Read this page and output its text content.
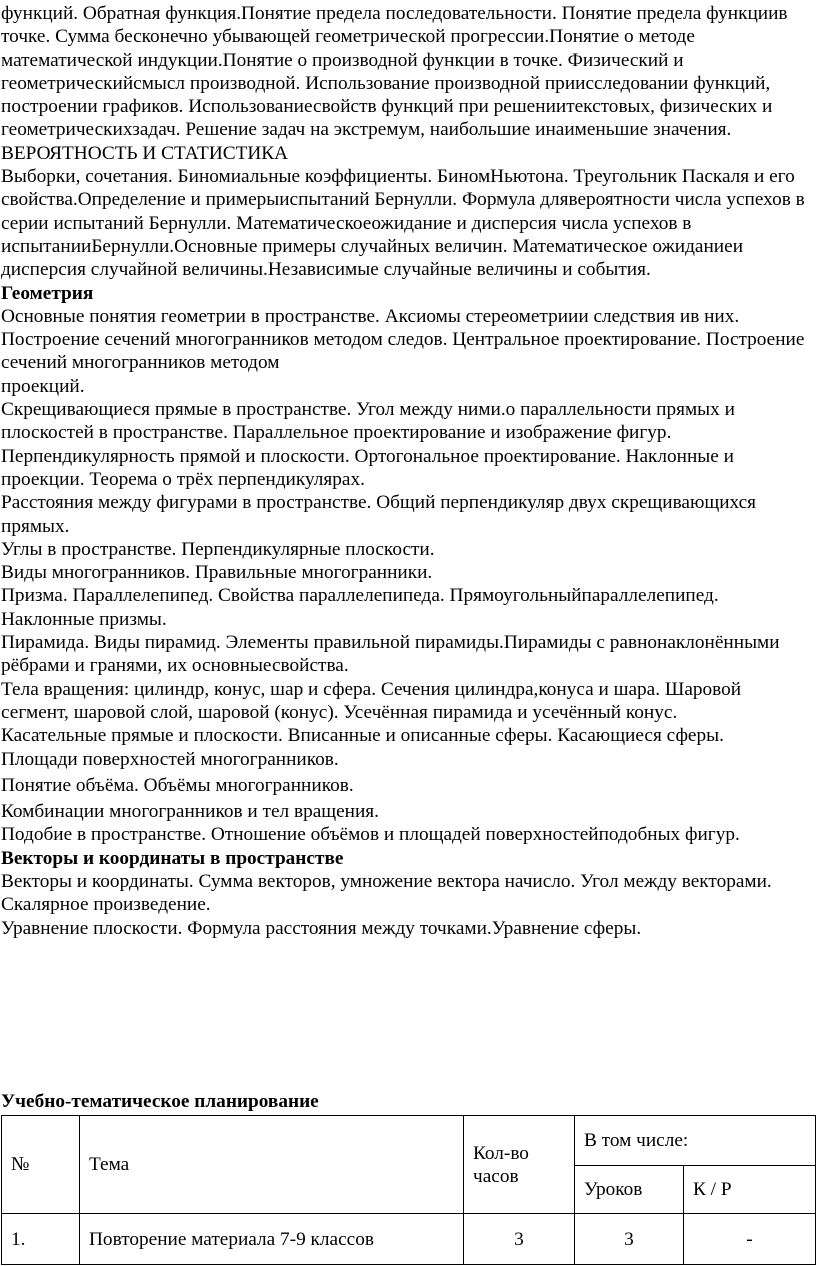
функций. Обратная функция.Понятие предела последовательности. Понятие предела функциив точке. Сумма бесконечно убывающей геометрической прогрессии.Понятие о методе математической индукции.Понятие о производной функции в точке. Физический и геометрическийсмысл производной. Использование производной приисследовании функций, построении графиков. Использованиесвойств функций при решениитекстовых, физических и геометрическихзадач. Решение задач на экстремум, наибольшие инаименьшие значения.

ВЕРОЯТНОСТЬ И СТАТИСТИКА

Выборки, сочетания. Биномиальные коэффициенты. БиномНьютона. Треугольник Паскаля и его свойства.Определение и примерыиспытаний Бернулли. Формула длявероятности числа успехов в серии испытаний Бернулли. Математическоеожидание и дисперсия числа успехов в испытанииБернулли.Основные примеры случайных величин. Математическое ожиданиеи дисперсия случайной величины.Независимые случайные величины и события.

Геометрия

Основные понятия геометрии в пространстве. Аксиомы стереометриии следствия ив них. Построение сечений многогранников методом следов. Центральное проектирование. Построение сечений многогранников методом

проекций.

Скрещивающиеся прямые в пространстве. Угол между ними.о параллельности прямых и плоскостей в пространстве. Параллельное проектирование и изображение фигур.

Перпендикулярность прямой и плоскости. Ортогональное проектирование. Наклонные и проекции. Теорема о трёх перпендикулярах.

Расстояния между фигурами в пространстве. Общий перпендикуляр двух скрещивающихся прямых.

Углы в пространстве. Перпендикулярные плоскости.

Виды многогранников. Правильные многогранники.

Призма. Параллелепипед. Свойства параллелепипеда. Прямоугольныйпараллелепипед. Наклонные призмы.

Пирамида. Виды пирамид. Элементы правильной пирамиды.Пирамиды с равнонаклонёнными рёбрами и гранями, их основныесвойства.

Тела вращения: цилиндр, конус, шар и сфера. Сечения цилиндра,конуса и шара. Шаровой сегмент, шаровой слой, шаровой (конус). Усечённая пирамида и усечённый конус.

Касательные прямые и плоскости. Вписанные и описанные сферы. Касающиеся сферы.

Площади поверхностей многогранников.

Понятие объёма. Объёмы многогранников.

Комбинации многогранников и тел вращения.

Подобие в пространстве. Отношение объёмов и площадей поверхностейподобных фигур.

Векторы и координаты в пространстве

Векторы и координаты. Сумма векторов, умножение вектора начисло. Угол между векторами. Скалярное произведение.

Уравнение плоскости. Формула расстояния между точками.Уравнение сферы.

Учебно-тематическое планирование
№	Тема	Кол-во часов	В том числе:	
			Уроков	К / Р
1.	Повторение материала 7-9 классов	3	3	-
